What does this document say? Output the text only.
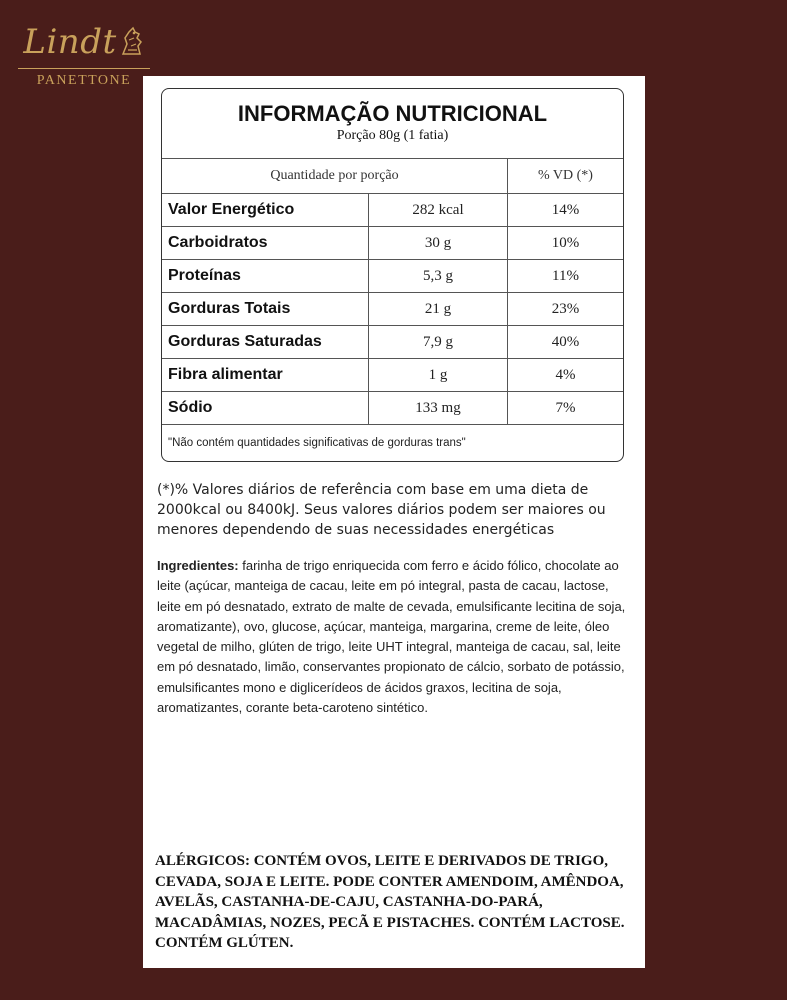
Lindt
PANETTONE
INFORMAÇÃO NUTRICIONAL
Porção 80g (1 fatia)
Quantidade por porção		% VD (*)
Valor Energético	282 kcal	14%
Carboidratos	30 g	10%
Proteínas	5,3 g	11%
Gorduras Totais	21 g	23%
Gorduras Saturadas	7,9 g	40%
Fibra alimentar	1 g	4%
Sódio	133 mg	7%
"Não contém quantidades significativas de gorduras trans"		
(*)% Valores diários de referência com base em uma dieta de 2000kcal ou 8400kJ. Seus valores diários podem ser maiores ou menores dependendo de suas necessidades energéticas
Ingredientes: farinha de trigo enriquecida com ferro e ácido fólico, chocolate ao leite (açúcar, manteiga de cacau, leite em pó integral, pasta de cacau, lactose, leite em pó desnatado, extrato de malte de cevada, emulsificante lecitina de soja, aromatizante), ovo, glucose, açúcar, manteiga, margarina, creme de leite, óleo vegetal de milho, glúten de trigo, leite UHT integral, manteiga de cacau, sal, leite em pó desnatado, limão, conservantes propionato de cálcio, sorbato de potássio, emulsificantes mono e diglicerídeos de ácidos graxos, lecitina de soja, aromatizantes, corante beta-caroteno sintético.
ALÉRGICOS: CONTÉM OVOS, LEITE E DERIVADOS DE TRIGO, CEVADA, SOJA E LEITE. PODE CONTER AMENDOIM, AMÊNDOA, AVELÃS, CASTANHA-DE-CAJU, CASTANHA-DO-PARÁ, MACADÂMIAS, NOZES, PECÃ E PISTACHES. CONTÉM LACTOSE. CONTÉM GLÚTEN.
